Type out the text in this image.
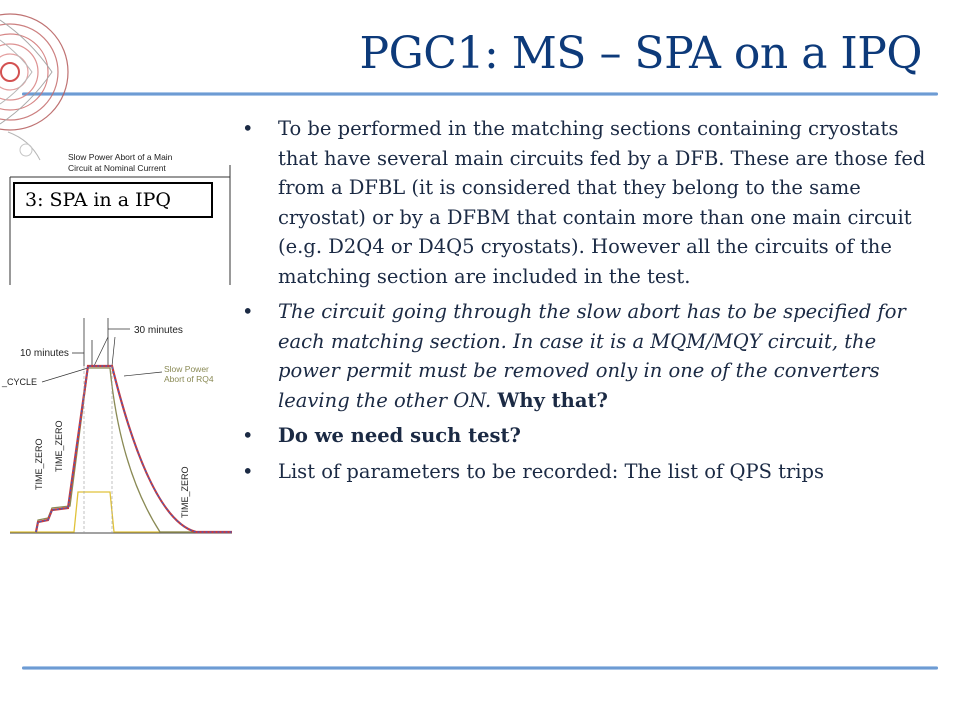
PGC1: MS – SPA on a IPQ
Slow Power Abort of a Main
Circuit at Nominal Current
30 minutes
10 minutes
_CYCLE
Slow Power
Abort of RQ4
TIME_ZERO TIME_ZERO
TIME_ZERO
3: SPA in a IPQ
• To be performed in the matching sections containing cryostats that have several main circuits fed by a DFB. These are those fed from a DFBL (it is considered that they belong to the same cryostat) or by a DFBM that contain more than one main circuit (e.g. D2Q4 or D4Q5 cryostats). However all the circuits of the matching section are included in the test.
• The circuit going through the slow abort has to be specified for each matching section. In case it is a MQM/MQY circuit, the power permit must be removed only in one of the converters leaving the other ON. Why that?
• Do we need such test?
• List of parameters to be recorded: The list of QPS trips
